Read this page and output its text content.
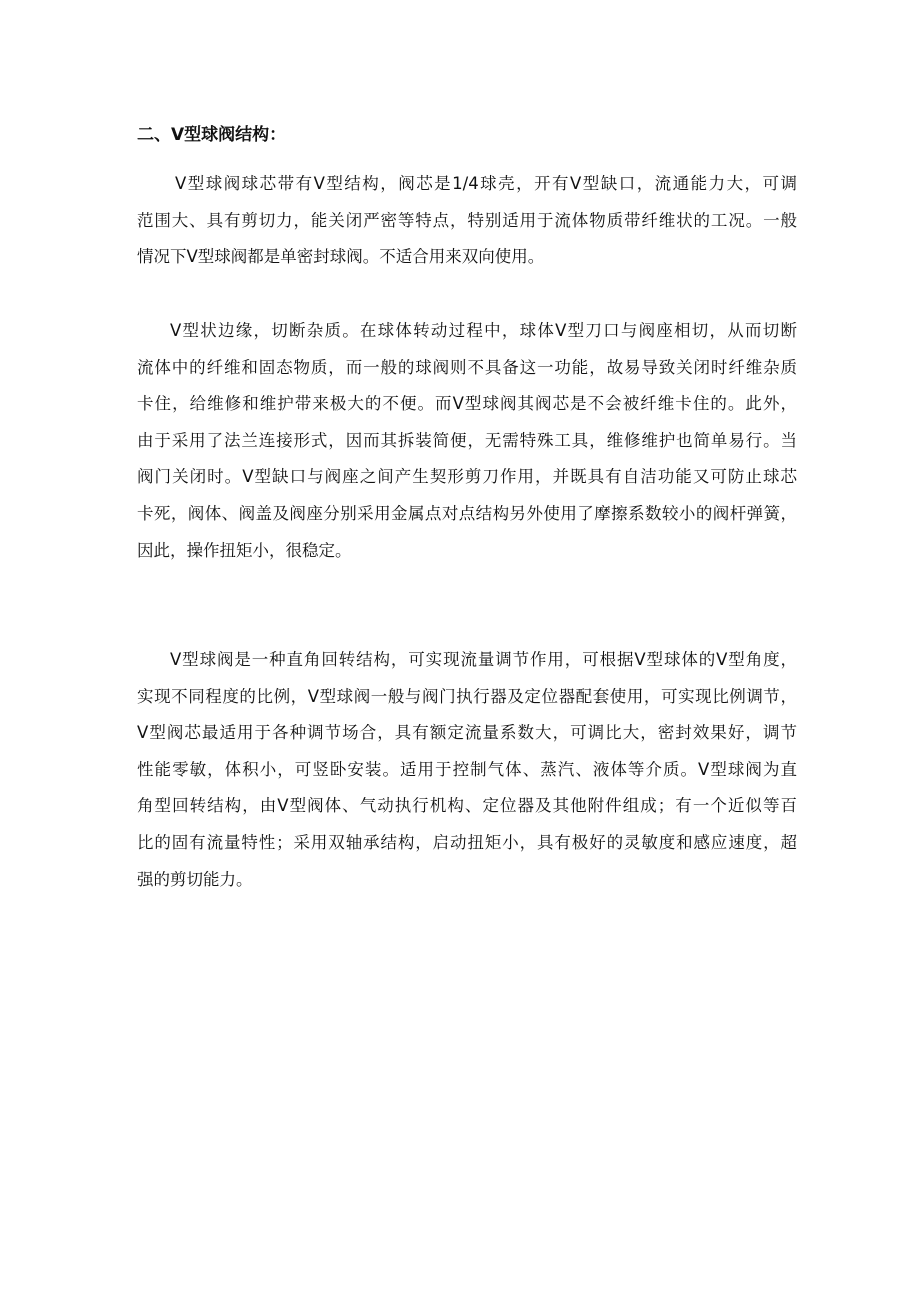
二、V型球阀结构：
V型球阀球芯带有V型结构，阀芯是1/4球壳，开有V型缺口，流通能力大，可调
范围大、具有剪切力，能关闭严密等特点，特别适用于流体物质带纤维状的工况。一般
情况下V型球阀都是单密封球阀。不适合用来双向使用。
V型状边缘，切断杂质。在球体转动过程中，球体V型刀口与阀座相切，从而切断
流体中的纤维和固态物质，而一般的球阀则不具备这一功能，故易导致关闭时纤维杂质
卡住，给维修和维护带来极大的不便。而V型球阀其阀芯是不会被纤维卡住的。此外，
由于采用了法兰连接形式，因而其拆装简便，无需特殊工具，维修维护也简单易行。当
阀门关闭时。V型缺口与阀座之间产生契形剪刀作用，并既具有自洁功能又可防止球芯
卡死，阀体、阀盖及阀座分别采用金属点对点结构另外使用了摩擦系数较小的阀杆弹簧，
因此，操作扭矩小，很稳定。
V型球阀是一种直角回转结构，可实现流量调节作用，可根据V型球体的V型角度，
实现不同程度的比例，V型球阀一般与阀门执行器及定位器配套使用，可实现比例调节，
V型阀芯最适用于各种调节场合，具有额定流量系数大，可调比大，密封效果好，调节
性能零敏，体积小，可竖卧安装。适用于控制气体、蒸汽、液体等介质。V型球阀为直
角型回转结构，由V型阀体、气动执行机构、定位器及其他附件组成；有一个近似等百
比的固有流量特性；采用双轴承结构，启动扭矩小，具有极好的灵敏度和感应速度，超
强的剪切能力。
